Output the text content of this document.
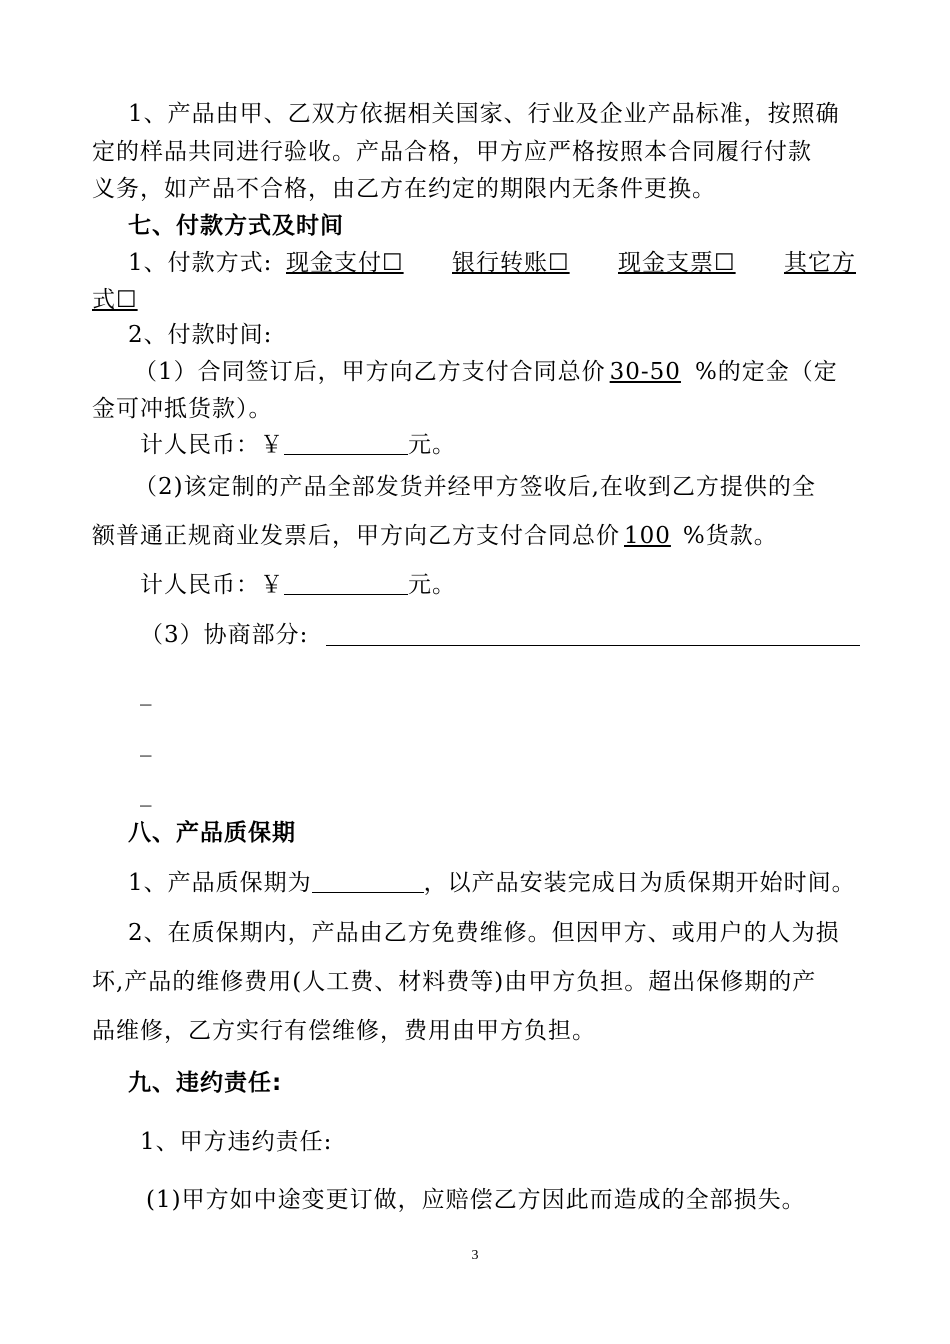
1、产品由甲、乙双方依据相关国家、行业及企业产品标准，按照确
定的样品共同进行验收。产品合格，甲方应严格按照本合同履行付款
义务，如产品不合格，由乙方在约定的期限内无条件更换。
七、付款方式及时间
1、付款方式: 现金支付☐ 银行转账☐ 现金支票☐ 其它方
式☐
2、付款时间:
（1）合同签订后，甲方向乙方支付合同总价 30-50 %的定金（定
金可冲抵货款）。
计人民币：￥	元。
（2)该定制的产品全部发货并经甲方签收后,在收到乙方提供的全
额普通正规商业发票后，甲方向乙方支付合同总价 100 %货款。
计人民币：￥	元。
（3）协商部分:
_
_
_
八、产品质保期
1、产品质保期为	，以产品安装完成日为质保期开始时间。
2、在质保期内，产品由乙方免费维修。但因甲方、或用户的人为损
坏,产品的维修费用(人工费、材料费等)由甲方负担。超出保修期的产
品维修，乙方实行有偿维修，费用由甲方负担。
九、违约责任:
1、甲方违约责任:
(1)甲方如中途变更订做，应赔偿乙方因此而造成的全部损失。
3
